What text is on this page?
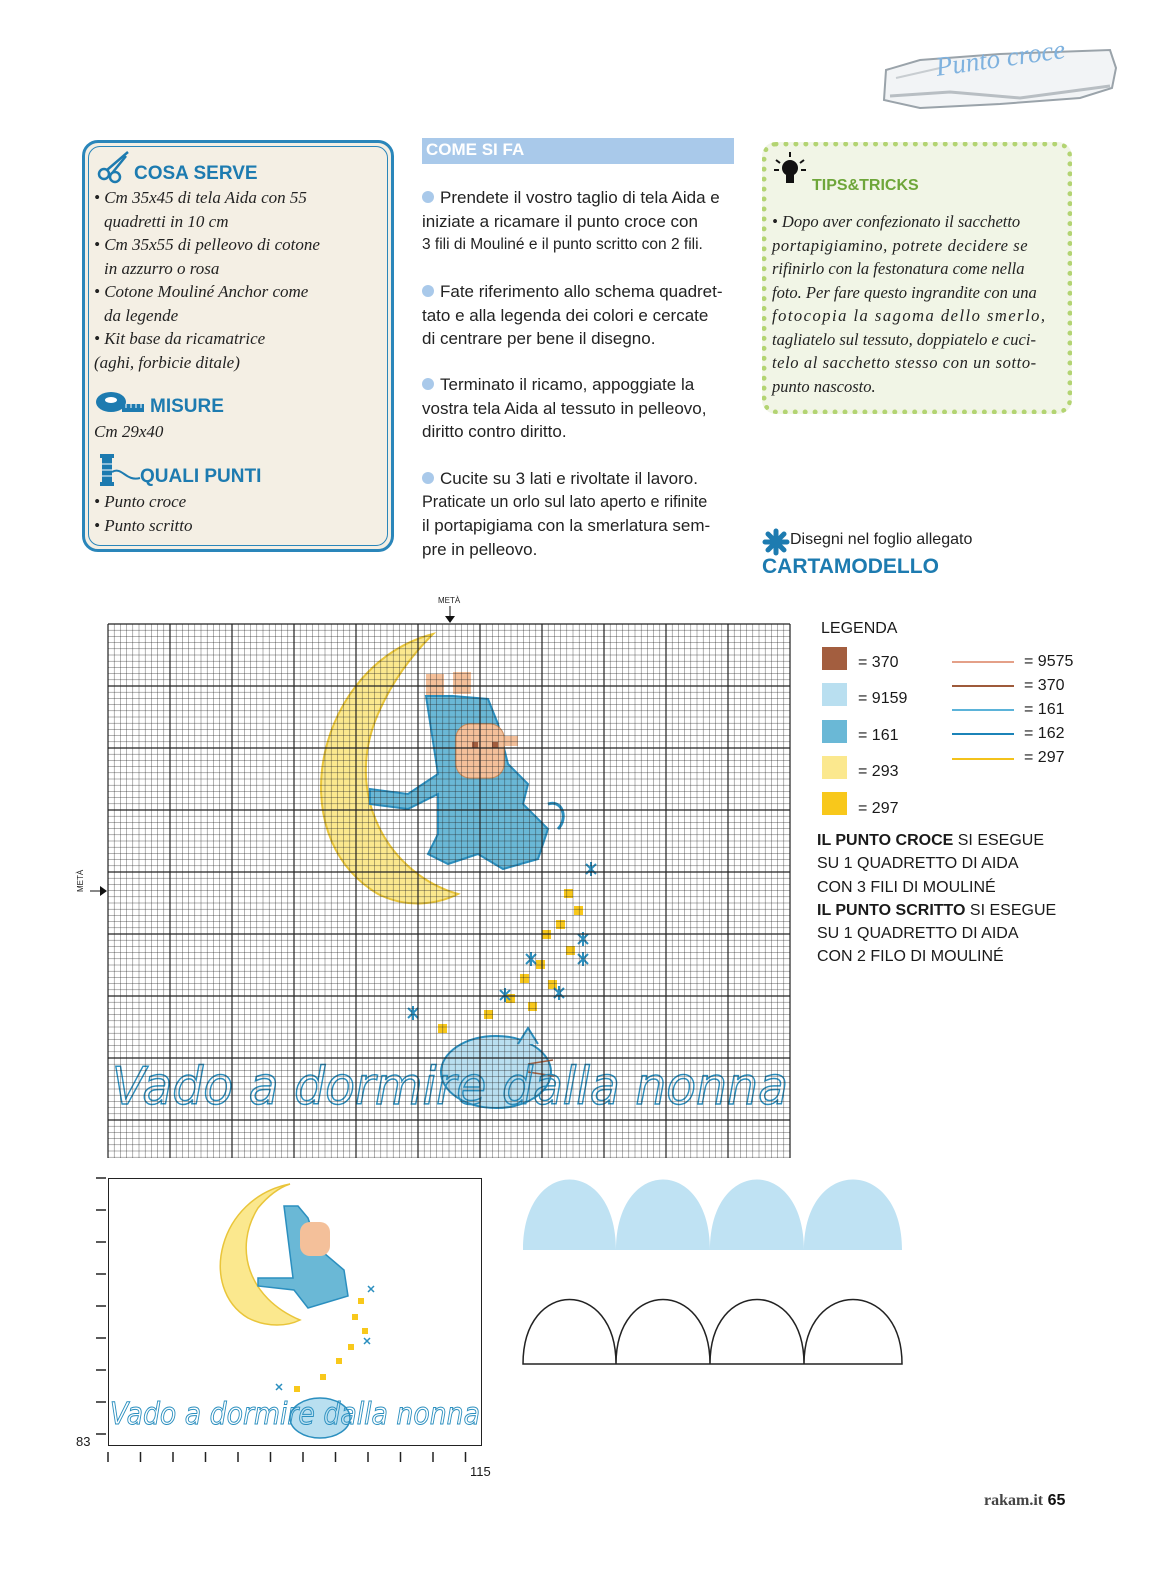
Punto croce
COSA SERVE
• Cm 35x45 di tela Aida con 55
quadretti in 10 cm
• Cm 35x55 di pelleovo di cotone
in azzurro o rosa
• Cotone Mouliné Anchor come
da legende
• Kit base da ricamatrice
(aghi, forbicie ditale)
MISURE
Cm 29x40
QUALI PUNTI
• Punto croce
• Punto scritto
COME SI FA
Prendete il vostro taglio di tela Aida e
iniziate a ricamare il punto croce con
3 fili di Mouliné e il punto scritto con 2 fili.
Fate riferimento allo schema quadret-
tato e alla legenda dei colori e cercate
di centrare per bene il disegno.
Terminato il ricamo, appoggiate la
vostra tela Aida al tessuto in pelleovo,
diritto contro diritto.
Cucite su 3 lati e rivoltate il lavoro.
Praticate un orlo sul lato aperto e rifinite
il portapigiama con la smerlatura sem-
pre in pelleovo.
TIPS&TRICKS
• Dopo aver confezionato il sacchetto
portapigiamino, potrete decidere se
rifinirlo con la festonatura come nella
foto. Per fare questo ingrandite con una
fotocopia la sagoma dello smerlo,
tagliatelo sul tessuto, doppiatelo e cuci-
telo al sacchetto stesso con un sotto-
punto nascosto.
Disegni nel foglio allegato
CARTAMODELLO
METÀ
METÀ
Vado a dormire dalla nonna
LEGENDA
= 370
= 9159
= 161
= 293
= 297
= 9575
= 370
= 161
= 162
= 297
IL PUNTO CROCE SI ESEGUE
SU 1 QUADRETTO DI AIDA
CON 3 FILI DI MOULINÉ
IL PUNTO SCRITTO SI ESEGUE
SU 1 QUADRETTO DI AIDA
CON 2 FILO DI MOULINÉ
Vado a dormire dalla nonna
83
115
rakam.it 65
